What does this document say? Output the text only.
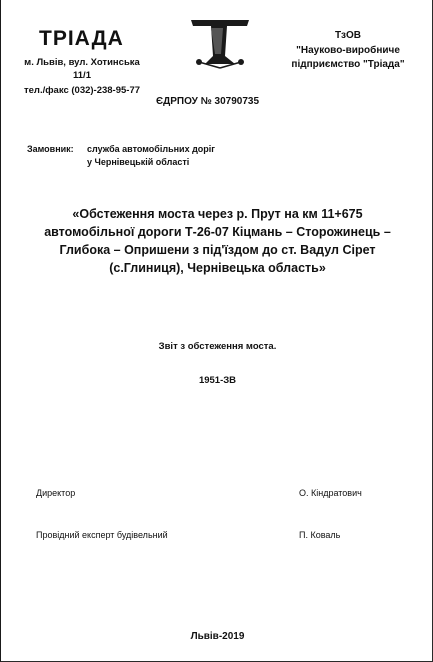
ТРІАДА
м. Львів, вул. Хотинська
11/1
тел./факс (032)-238-95-77
ТзОВ
"Науково-виробниче
підприємство "Тріада"
ЄДРПОУ № 30790735
Замовник: служба автомобільних доріг
у Чернівецькій області
«Обстеження моста через р. Прут на км 11+675
автомобільної дороги Т-26-07 Кіцмань – Сторожинець –
Глибока – Опришени з під'їздом до ст. Вадул Сірет
(с.Глиниця), Чернівецька область»
Звіт з обстеження моста.
1951-ЗВ
Директор	О. Кіндратович
Провідний експерт будівельний	П. Коваль
Львів-2019
